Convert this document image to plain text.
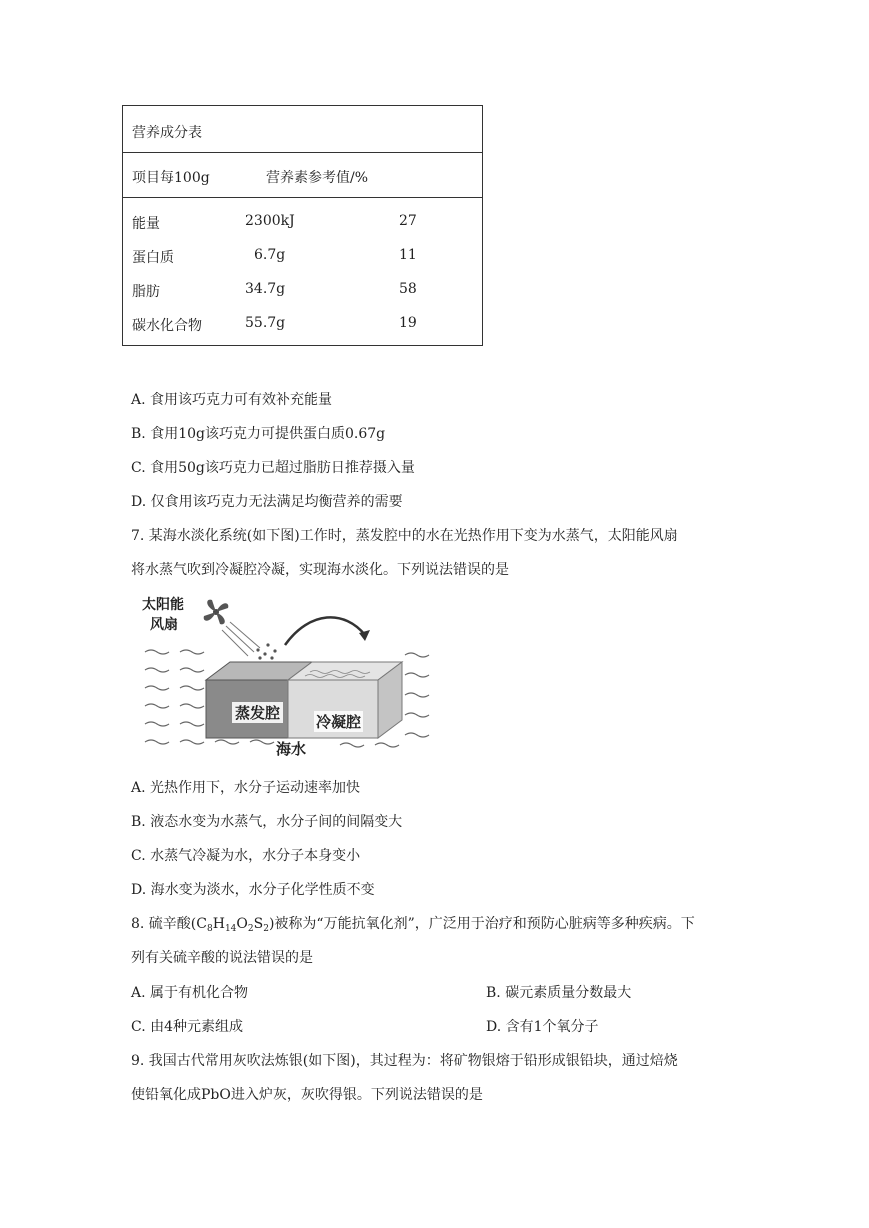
营养成分表
项目每100g	营养素参考值/%
能量	2300kJ	27
蛋白质	6.7g	11
脂肪	34.7g	58
碳水化合物	55.7g	19
A. 食用该巧克力可有效补充能量
B. 食用10g该巧克力可提供蛋白质0.67g
C. 食用50g该巧克力已超过脂肪日推荐摄入量
D. 仅食用该巧克力无法满足均衡营养的需要
7. 某海水淡化系统(如下图)工作时，蒸发腔中的水在光热作用下变为水蒸气，太阳能风扇
将水蒸气吹到冷凝腔冷凝，实现海水淡化。下列说法错误的是
太阳能
风扇
蒸发腔 冷凝腔
海水
A. 光热作用下，水分子运动速率加快
B. 液态水变为水蒸气，水分子间的间隔变大
C. 水蒸气冷凝为水，水分子本身变小
D. 海水变为淡水，水分子化学性质不变
8. 硫辛酸$(C_8H_{14}O_2S_2)$被称为“万能抗氧化剂”，广泛用于治疗和预防心脏病等多种疾病。下
列有关硫辛酸的说法错误的是
A. 属于有机化合物	B. 碳元素质量分数最大
C. 由4种元素组成	D. 含有1个氧分子
9. 我国古代常用灰吹法炼银(如下图)，其过程为：将矿物银熔于铅形成银铅块，通过焙烧
使铅氧化成PbO进入炉灰，灰吹得银。下列说法错误的是
